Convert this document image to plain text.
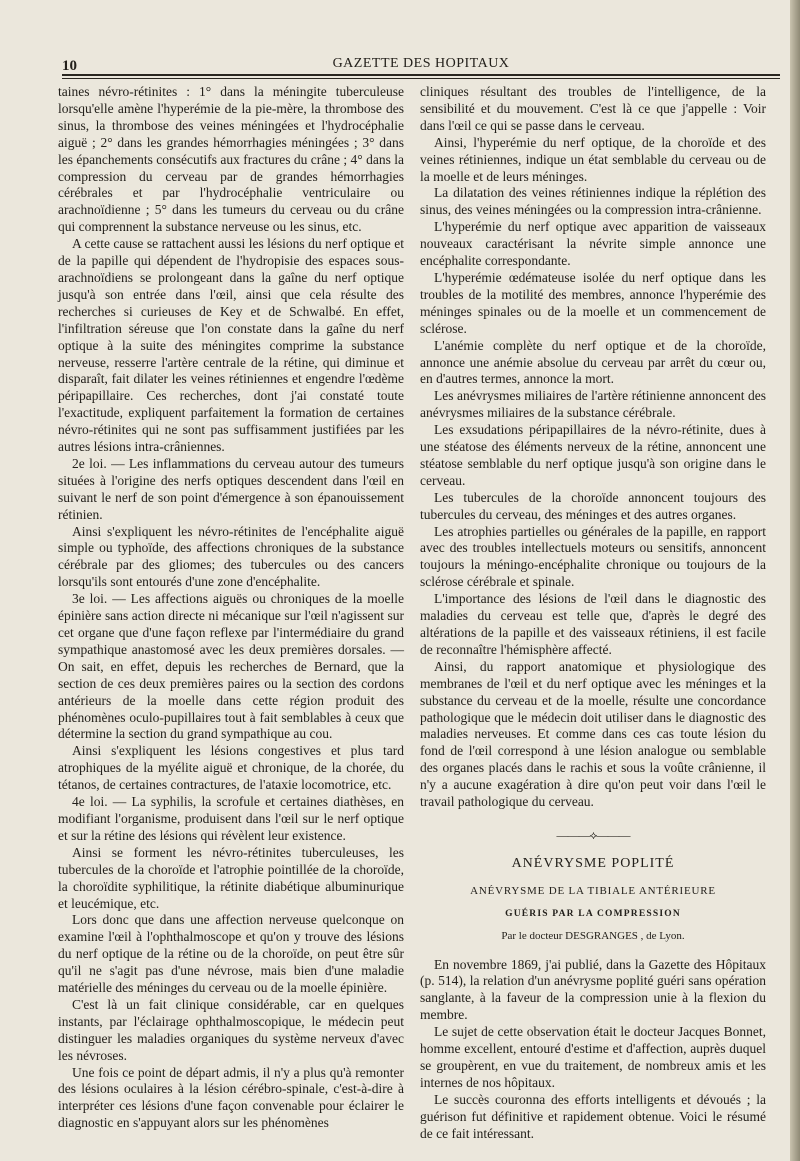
10	GAZETTE DES HOPITAUX

taines névro-rétinites : 1° dans la méningite tuberculeuse lorsqu'elle amène l'hyperémie de la pie-mère, la thrombose des sinus, la thrombose des veines méningées et l'hydrocéphalie aiguë ; 2° dans les grandes hémorrhagies méningées ; 3° dans les épanchements consécutifs aux fractures du crâne ; 4° dans la compression du cerveau par de grandes hémorrhagies cérébrales et par l'hydrocéphalie ventriculaire ou arachnoïdienne ; 5° dans les tumeurs du cerveau ou du crâne qui comprennent la substance nerveuse ou les sinus, etc.

A cette cause se rattachent aussi les lésions du nerf optique et de la papille qui dépendent de l'hydropisie des espaces sous-arachnoïdiens se prolongeant dans la gaîne du nerf optique jusqu'à son entrée dans l'œil, ainsi que cela résulte des recherches si curieuses de Key et de Schwalbé. En effet, l'infiltration séreuse que l'on constate dans la gaîne du nerf optique à la suite des méningites comprime la substance nerveuse, resserre l'artère centrale de la rétine, qui diminue et disparaît, fait dilater les veines rétiniennes et engendre l'œdème péripapillaire. Ces recherches, dont j'ai constaté toute l'exactitude, expliquent parfaitement la formation de certaines névro-rétinites qui ne sont pas suffisamment justifiées par les autres lésions intra-crâniennes.

2e loi. — Les inflammations du cerveau autour des tumeurs situées à l'origine des nerfs optiques descendent dans l'œil en suivant le nerf de son point d'émergence à son épanouissement rétinien.

Ainsi s'expliquent les névro-rétinites de l'encéphalite aiguë simple ou typhoïde, des affections chroniques de la substance cérébrale par des gliomes; des tubercules ou des cancers lorsqu'ils sont entourés d'une zone d'encéphalite.

3e loi. — Les affections aiguës ou chroniques de la moelle épinière sans action directe ni mécanique sur l'œil n'agissent sur cet organe que d'une façon reflexe par l'intermédiaire du grand sympathique anastomosé avec les deux premières dorsales. — On sait, en effet, depuis les recherches de Bernard, que la section de ces deux premières paires ou la section des cordons antérieurs de la moelle dans cette région produit des phénomènes oculo-pupillaires tout à fait semblables à ceux que détermine la section du grand sympathique au cou.

Ainsi s'expliquent les lésions congestives et plus tard atrophiques de la myélite aiguë et chronique, de la chorée, du tétanos, de certaines contractures, de l'ataxie locomotrice, etc.

4e loi. — La syphilis, la scrofule et certaines diathèses, en modifiant l'organisme, produisent dans l'œil sur le nerf optique et sur la rétine des lésions qui révèlent leur existence.

Ainsi se forment les névro-rétinites tuberculeuses, les tubercules de la choroïde et l'atrophie pointillée de la choroïde, la choroïdite syphilitique, la rétinite diabétique albuminurique et leucémique, etc.

Lors donc que dans une affection nerveuse quelconque on examine l'œil à l'ophthalmoscope et qu'on y trouve des lésions du nerf optique de la rétine ou de la choroïde, on peut être sûr qu'il ne s'agit pas d'une névrose, mais bien d'une maladie matérielle des méninges du cerveau ou de la moelle épinière.

C'est là un fait clinique considérable, car en quelques instants, par l'éclairage ophthalmoscopique, le médecin peut distinguer les maladies organiques du système nerveux d'avec les névroses.

Une fois ce point de départ admis, il n'y a plus qu'à remonter des lésions oculaires à la lésion cérébro-spinale, c'est-à-dire à interpréter ces lésions d'une façon convenable pour éclairer le diagnostic en s'appuyant alors sur les phénomènes

cliniques résultant des troubles de l'intelligence, de la sensibilité et du mouvement. C'est là ce que j'appelle : Voir dans l'œil ce qui se passe dans le cerveau.

Ainsi, l'hyperémie du nerf optique, de la choroïde et des veines rétiniennes, indique un état semblable du cerveau ou de la moelle et de leurs méninges.

La dilatation des veines rétiniennes indique la réplétion des sinus, des veines méningées ou la compression intra-crânienne.

L'hyperémie du nerf optique avec apparition de vaisseaux nouveaux caractérisant la névrite simple annonce une encéphalite correspondante.

L'hyperémie œdémateuse isolée du nerf optique dans les troubles de la motilité des membres, annonce l'hyperémie des méninges spinales ou de la moelle et un commencement de sclérose.

L'anémie complète du nerf optique et de la choroïde, annonce une anémie absolue du cerveau par arrêt du cœur ou, en d'autres termes, annonce la mort.

Les anévrysmes miliaires de l'artère rétinienne annoncent des anévrysmes miliaires de la substance cérébrale.

Les exsudations péripapillaires de la névro-rétinite, dues à une stéatose des éléments nerveux de la rétine, annoncent une stéatose semblable du nerf optique jusqu'à son origine dans le cerveau.

Les tubercules de la choroïde annoncent toujours des tubercules du cerveau, des méninges et des autres organes.

Les atrophies partielles ou générales de la papille, en rapport avec des troubles intellectuels moteurs ou sensitifs, annoncent toujours la méningo-encéphalite chronique ou toujours de la sclérose cérébrale et spinale.

L'importance des lésions de l'œil dans le diagnostic des maladies du cerveau est telle que, d'après le degré des altérations de la papille et des vaisseaux rétiniens, il est facile de reconnaître l'hémisphère affecté.

Ainsi, du rapport anatomique et physiologique des membranes de l'œil et du nerf optique avec les méninges et la substance du cerveau et de la moelle, résulte une concordance pathologique que le médecin doit utiliser dans le diagnostic des maladies nerveuses. Et comme dans ces cas toute lésion du fond de l'œil correspond à une lésion analogue ou semblable des organes placés dans le rachis et sous la voûte crânienne, il n'y a aucune exagération à dire qu'on peut voir dans l'œil le travail pathologique du cerveau.

———⟡———
ANÉVRYSME POPLITÉ
ANÉVRYSME DE LA TIBIALE ANTÉRIEURE
GUÉRIS PAR LA COMPRESSION
Par le docteur DESGRANGES , de Lyon.

En novembre 1869, j'ai publié, dans la Gazette des Hôpitaux (p. 514), la relation d'un anévrysme poplité guéri sans opération sanglante, à la faveur de la compression unie à la flexion du membre.

Le sujet de cette observation était le docteur Jacques Bonnet, homme excellent, entouré d'estime et d'affection, auprès duquel se groupèrent, en vue du traitement, de nombreux amis et les internes de nos hôpitaux.

Le succès couronna des efforts intelligents et dévoués ; la guérison fut définitive et rapidement obtenue. Voici le résumé de ce fait intéressant.
